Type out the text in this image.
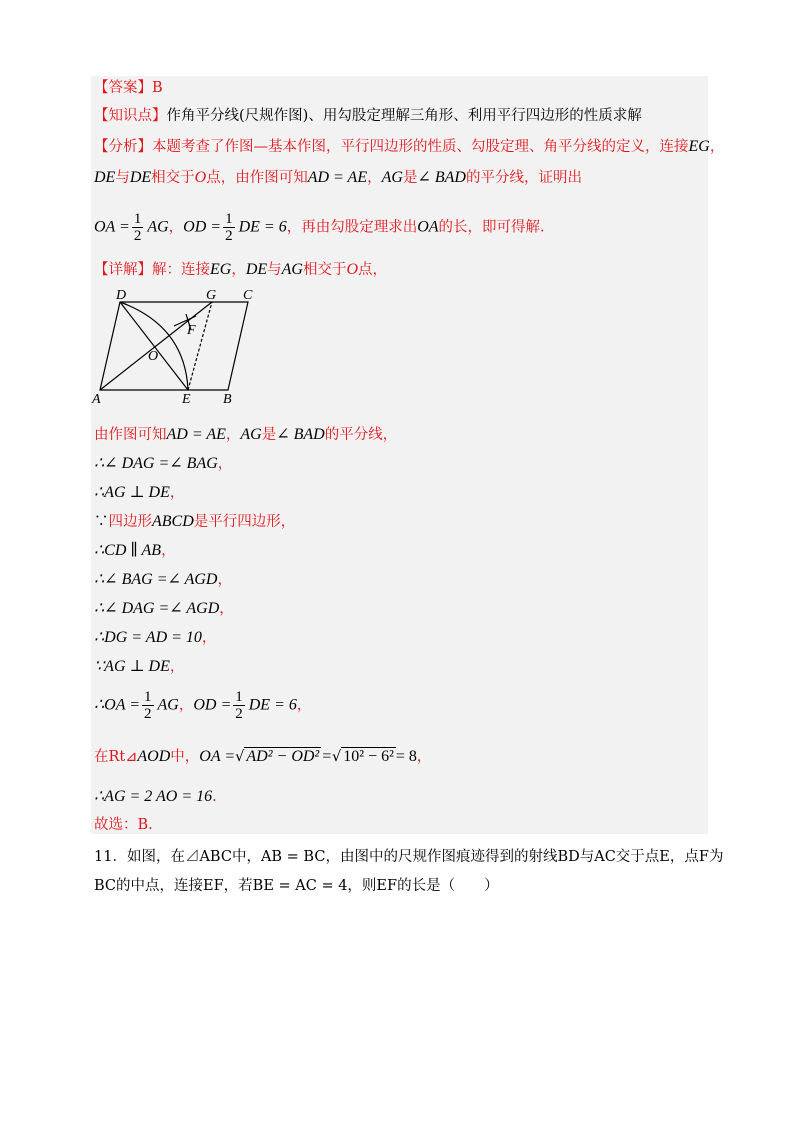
【答案】B
【知识点】作角平分线(尺规作图)、用勾股定理解三角形、利用平行四边形的性质求解
【分析】本题考查了作图—基本作图，平行四边形的性质、勾股定理、角平分线的定义，连接EG，
DE与DE相交于O点，由作图可知AD = AE，AG是∠ BAD的平分线，证明出
OA = $\frac{1}{2}$ AG，OD = $\frac{1}{2}$ DE = 6，再由勾股定理求出OA的长，即可得解.
【详解】解：连接EG，DE与AG相交于O点，
D	G C
F
O
A	E B
由作图可知AD = AE，AG是∠ BAD的平分线，
∴∠ DAG =∠ BAG，
∴AG ⊥ DE，
∵四边形ABCD是平行四边形，
∴CD ∥ AB，
∴∠ BAG =∠ AGD，
∴∠ DAG =∠ AGD，
∴DG = AD = 10，
∵AG ⊥ DE，
∴OA = $\frac{1}{2}$ AG，OD = $\frac{1}{2}$ DE = 6，
在Rt⊿AOD中，OA =√ AD² − OD² =√ 10² − 6² = 8，
∴AG = 2 AO = 16.
故选：B.
11．如图，在⊿ABC中，AB = BC，由图中的尺规作图痕迹得到的射线BD与AC交于点E，点F为
BC的中点，连接EF，若BE = AC = 4，则EF的长是（　　）
